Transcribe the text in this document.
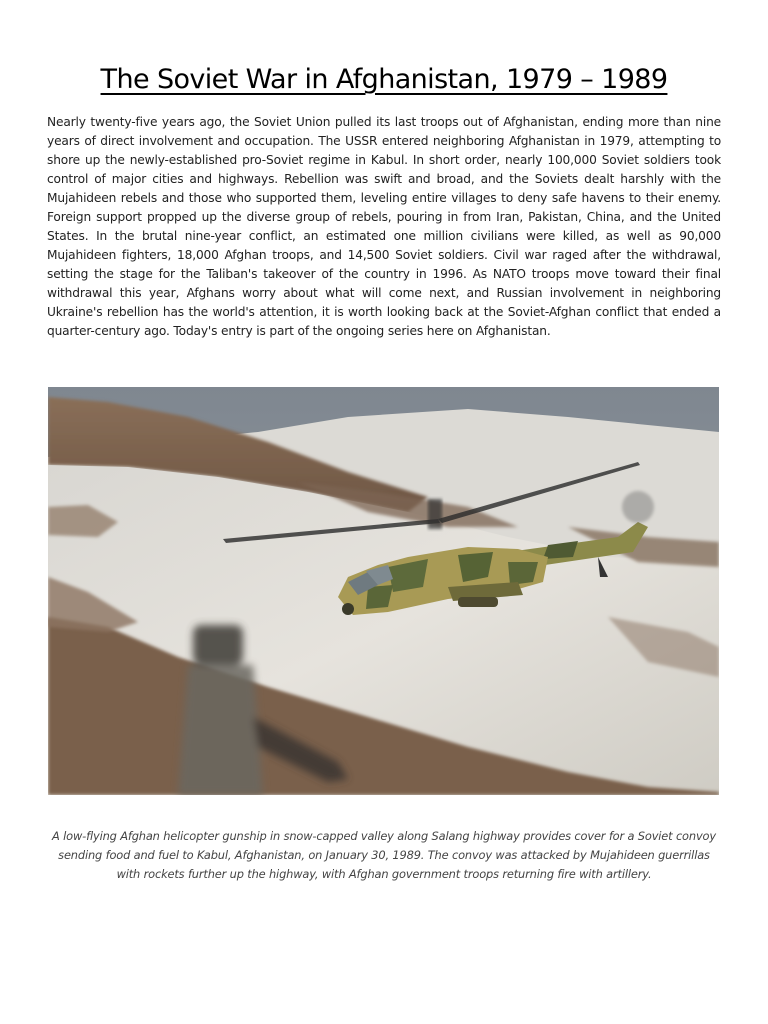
The Soviet War in Afghanistan, 1979 – 1989

Nearly twenty-five years ago, the Soviet Union pulled its last troops out of Afghanistan, ending more than nine years of direct involvement and occupation. The USSR entered neighboring Afghanistan in 1979, attempting to shore up the newly-established pro-Soviet regime in Kabul. In short order, nearly 100,000 Soviet soldiers took control of major cities and highways. Rebellion was swift and broad, and the Soviets dealt harshly with the Mujahideen rebels and those who supported them, leveling entire villages to deny safe havens to their enemy. Foreign support propped up the diverse group of rebels, pouring in from Iran, Pakistan, China, and the United States. In the brutal nine-year conflict, an estimated one million civilians were killed, as well as 90,000 Mujahideen fighters, 18,000 Afghan troops, and 14,500 Soviet soldiers. Civil war raged after the withdrawal, setting the stage for the Taliban's takeover of the country in 1996. As NATO troops move toward their final withdrawal this year, Afghans worry about what will come next, and Russian involvement in neighboring Ukraine's rebellion has the world's attention, it is worth looking back at the Soviet-Afghan conflict that ended a quarter-century ago. Today's entry is part of the ongoing series here on Afghanistan.

A low-flying Afghan helicopter gunship in snow-capped valley along Salang highway provides cover for a Soviet convoy sending food and fuel to Kabul, Afghanistan, on January 30, 1989. The convoy was attacked by Mujahideen guerrillas with rockets further up the highway, with Afghan government troops returning fire with artillery.
